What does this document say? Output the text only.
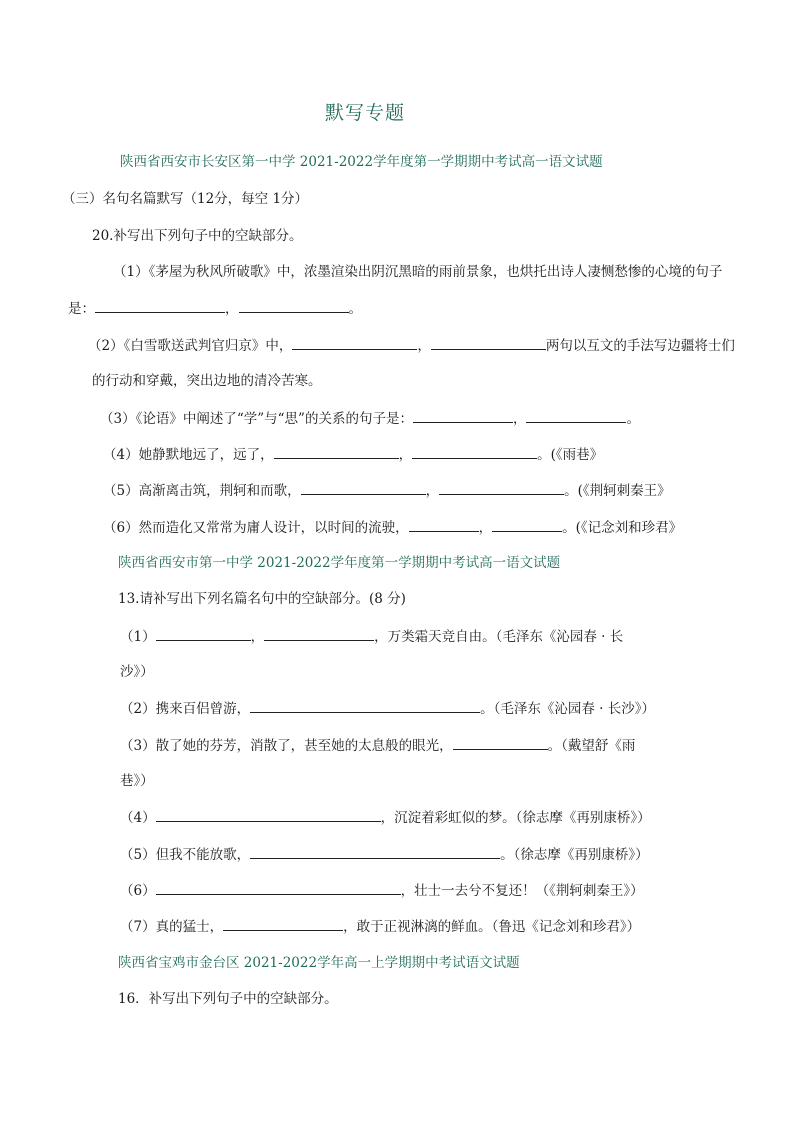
默写专题
陕西省西安市长安区第一中学 2021-2022学年度第一学期期中考试高一语文试题
（三）名句名篇默写（12分，每空 1分）
20.补写出下列句子中的空缺部分。
（1）《茅屋为秋风所破歌》中，浓墨渲染出阴沉黑暗的雨前景象，也烘托出诗人凄恻愁惨的心境的句子
是：	，	。
（2）《白雪歌送武判官归京》中，	，	两句以互文的手法写边疆将士们
的行动和穿戴，突出边地的清冷苦寒。
（3）《论语》中阐述了“学”与“思”的关系的句子是：	，	。
（4）她静默地远了，远了，	，	。(《雨巷》
（5）高渐离击筑，荆轲和而歌，	，	。(《荆轲刺秦王》
（6）然而造化又常常为庸人设计，以时间的流驶，	，	。(《记念刘和珍君》
陕西省西安市第一中学 2021-2022学年度第一学期期中考试高一语文试题
13.请补写出下列名篇名句中的空缺部分。(8 分)
（1）	，	，万类霜天竞自由。（毛泽东《沁园春 · 长
沙》）
（2）携来百侣曾游，	。（毛泽东《沁园春 · 长沙》）
（3）散了她的芬芳，消散了，甚至她的太息般的眼光，	。（戴望舒《雨
巷》）
（4）	，沉淀着彩虹似的梦。（徐志摩《再别康桥》）
（5）但我不能放歌，	。（徐志摩《再别康桥》）
（6）	，壮士一去兮不复还！（《荆轲刺秦王》）
（7）真的猛士，	，敢于正视淋漓的鲜血。（鲁迅《记念刘和珍君》）
陕西省宝鸡市金台区 2021-2022学年高一上学期期中考试语文试题
16．补写出下列句子中的空缺部分。
